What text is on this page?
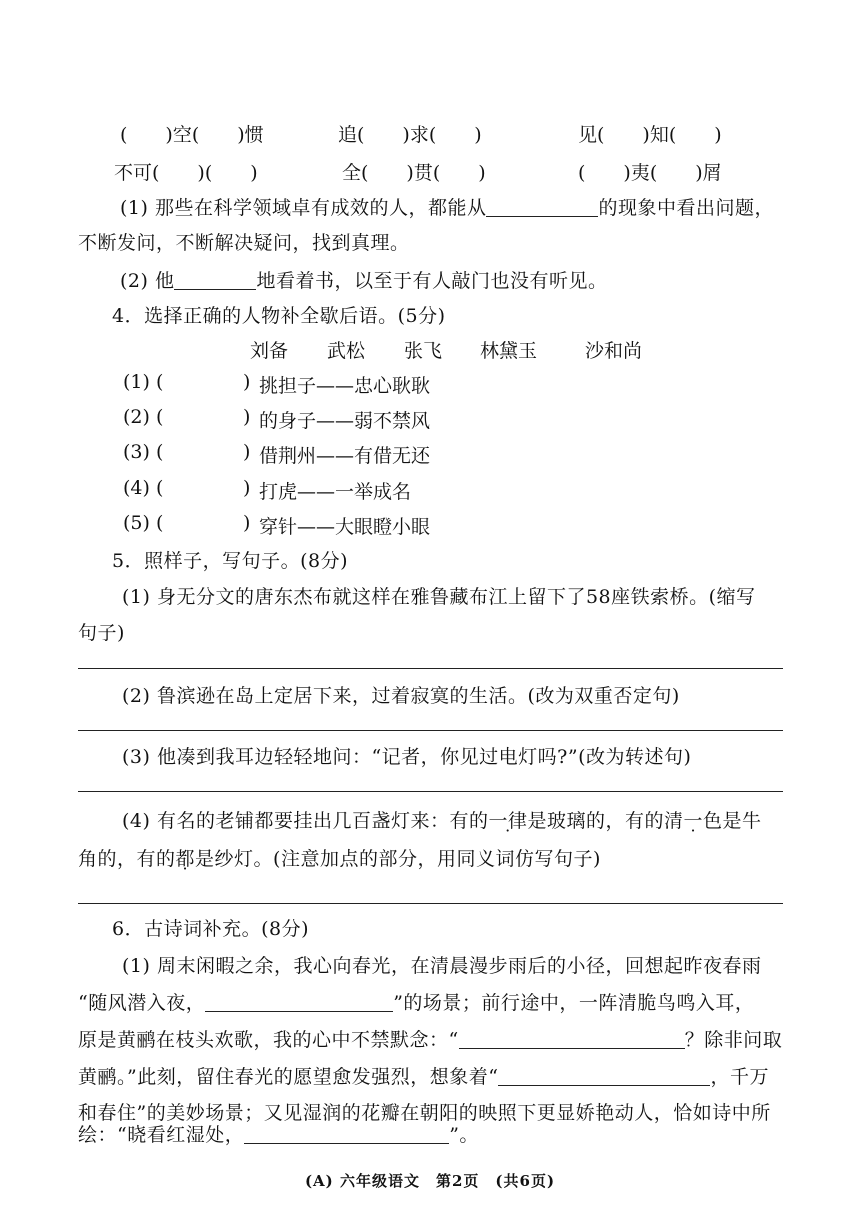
(　　)空(　　)惯	追(　　)求(　　)	见(　　)知(　　)
不可(　　)(　　)	全(　　)贯(　　)	(　　)夷(　　)屑
(1) 那些在科学领域卓有成效的人，都能从	的现象中看出问题，
不断发问，不断解决疑问，找到真理。
(2) 他	地看着书，以至于有人敲门也没有听见。
4．选择正确的人物补全歇后语。(5分)
刘备 武松 张飞 林黛玉	沙和尚
(1) (	) 挑担子——忠心耿耿
(2) (	) 的身子——弱不禁风
(3) (	) 借荆州——有借无还
(4) (	) 打虎——一举成名
(5) (	) 穿针——大眼瞪小眼
5．照样子，写句子。(8分)
(1) 身无分文的唐东杰布就这样在雅鲁藏布江上留下了58座铁索桥。(缩写
句子)
(2) 鲁滨逊在岛上定居下来，过着寂寞的生活。(改为双重否定句)
(3) 他凑到我耳边轻轻地问：“记者，你见过电灯吗?”(改为转述句)
(4) 有名的老铺都要挂出几百盏灯来：有的一律是玻璃的，有的清一色是牛
角的，有的都是纱灯。(注意加点的部分，用同义词仿写句子)
6．古诗词补充。(8分)
(1) 周末闲暇之余，我心向春光，在清晨漫步雨后的小径，回想起昨夜春雨
“随风潜入夜，	”的场景；前行途中，一阵清脆鸟鸣入耳，
原是黄鹂在枝头欢歌，我的心中不禁默念：“	？除非问取
黄鹂。”此刻，留住春光的愿望愈发强烈，想象着“	，千万
和春住”的美妙场景；又见湿润的花瓣在朝阳的映照下更显娇艳动人，恰如诗中所
绘：“晓看红湿处，	”。
(A) 六年级语文　第2页　(共6页)
